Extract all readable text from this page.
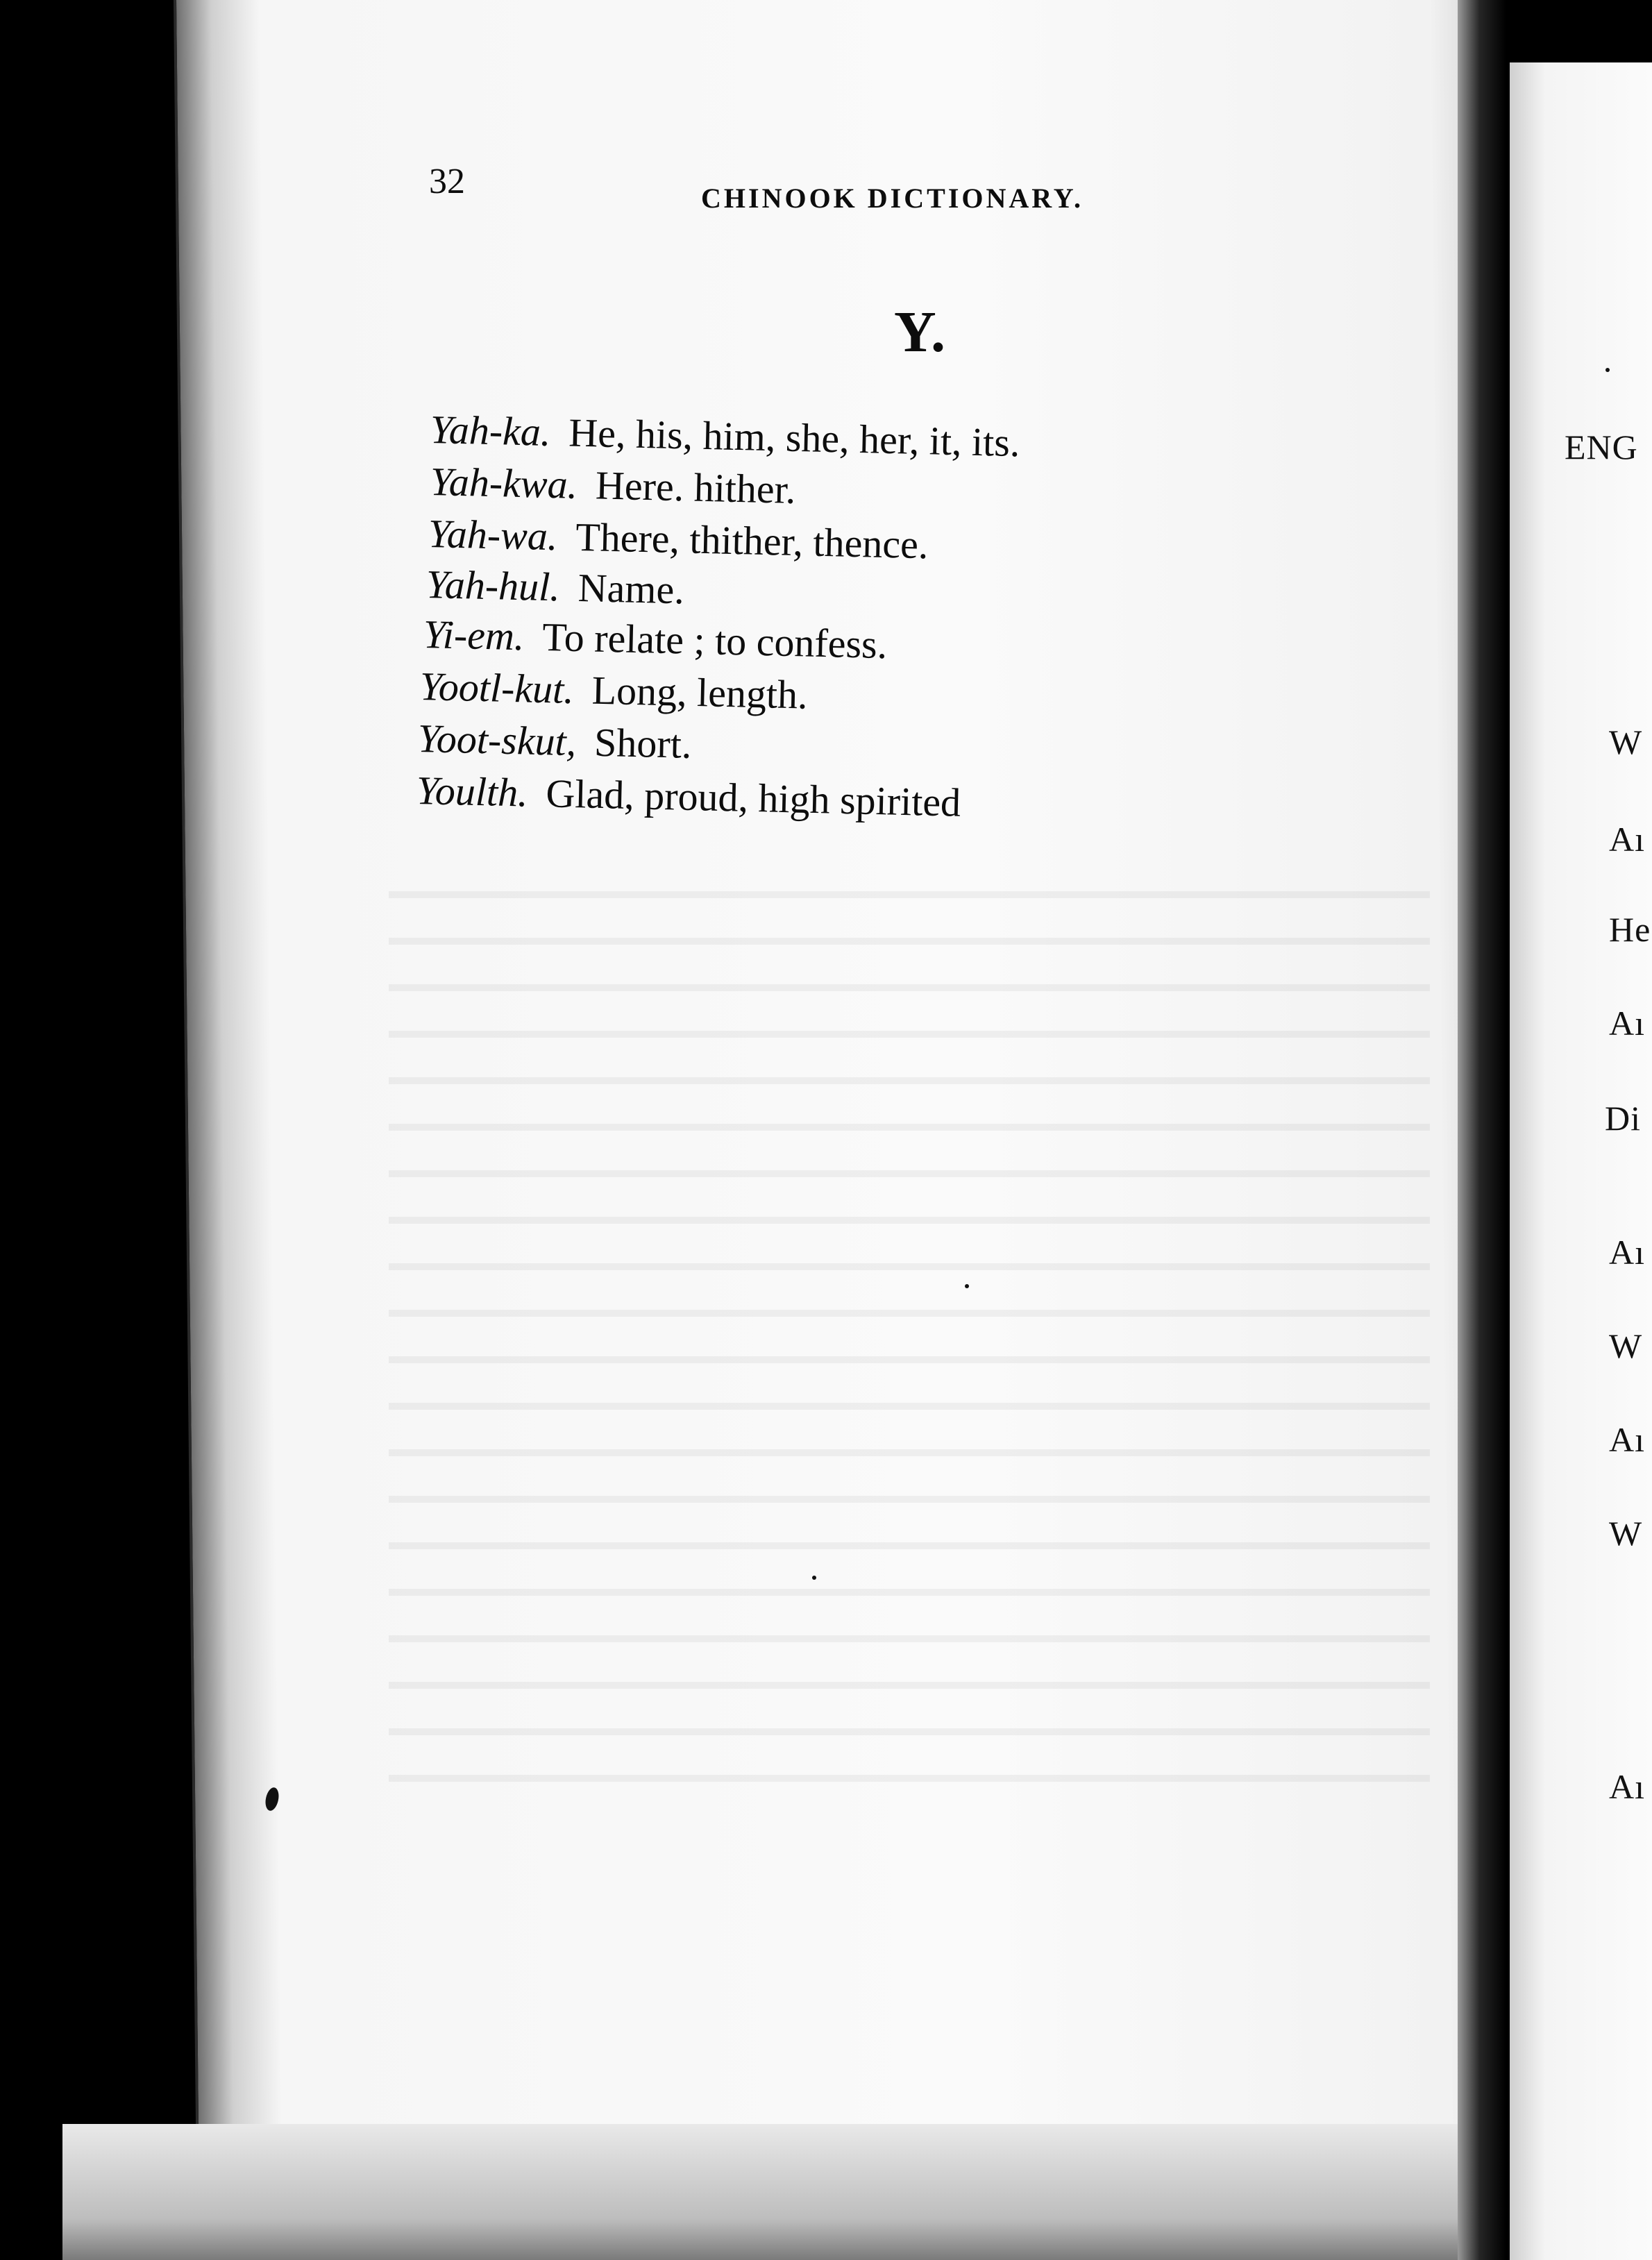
32	CHINOOK DICTIONARY.
Y.
Yah-ka. He, his, him, she, her, it, its.
Yah-kwa. Here. hither.
Yah-wa. There, thither, thence.
Yah-hul. Name.
Yi-em. To relate ; to confess.
Yootl-kut. Long, length.
Yoot-skut, Short.
Youlth. Glad, proud, high spirited
ENG
W
Aı
He
Aı
Di
Aı
W
Aı
W
Aı
